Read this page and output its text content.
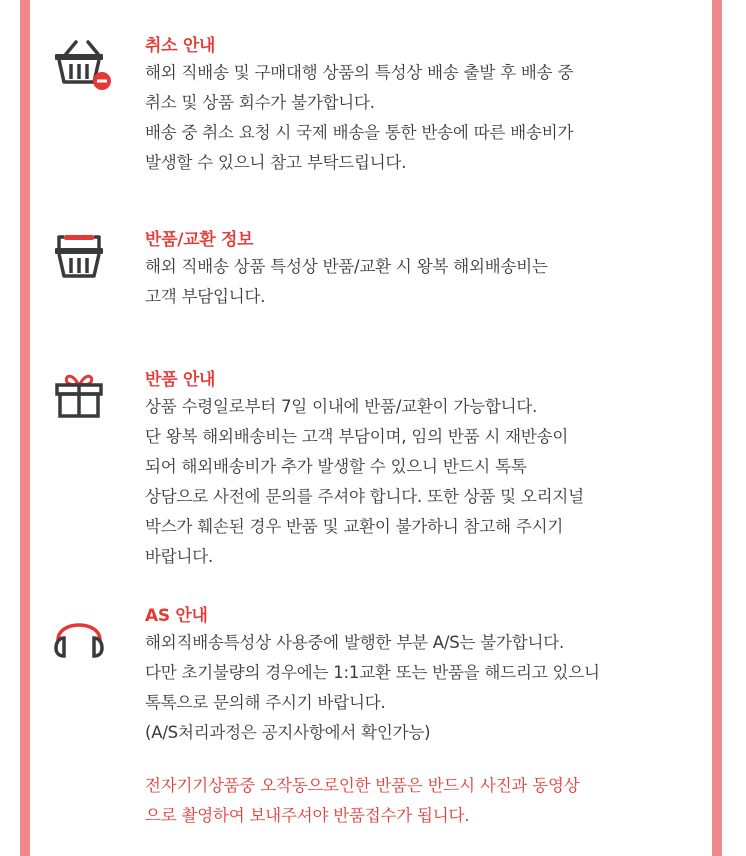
취소 안내

해외 직배송 및 구매대행 상품의 특성상 배송 출발 후 배송 중
취소 및 상품 회수가 불가합니다.
배송 중 취소 요청 시 국제 배송을 통한 반송에 따른 배송비가
발생할 수 있으니 참고 부탁드립니다.

반품/교환 정보

해외 직배송 상품 특성상 반품/교환 시 왕복 해외배송비는
고객 부담입니다.

반품 안내

상품 수령일로부터 7일 이내에 반품/교환이 가능합니다.
단 왕복 해외배송비는 고객 부담이며, 임의 반품 시 재반송이
되어 해외배송비가 추가 발생할 수 있으니 반드시 톡톡
상담으로 사전에 문의를 주셔야 합니다. 또한 상품 및 오리지널
박스가 훼손된 경우 반품 및 교환이 불가하니 참고해 주시기
바랍니다.

AS 안내

해외직배송특성상 사용중에 발행한 부분 A/S는 불가합니다.
다만 초기불량의 경우에는 1:1교환 또는 반품을 해드리고 있으니
톡톡으로 문의해 주시기 바랍니다.
(A/S처리과정은 공지사항에서 확인가능)

전자기기상품중 오작동으로인한 반품은 반드시 사진과 동영상
으로 촬영하여 보내주셔야 반품접수가 됩니다.
